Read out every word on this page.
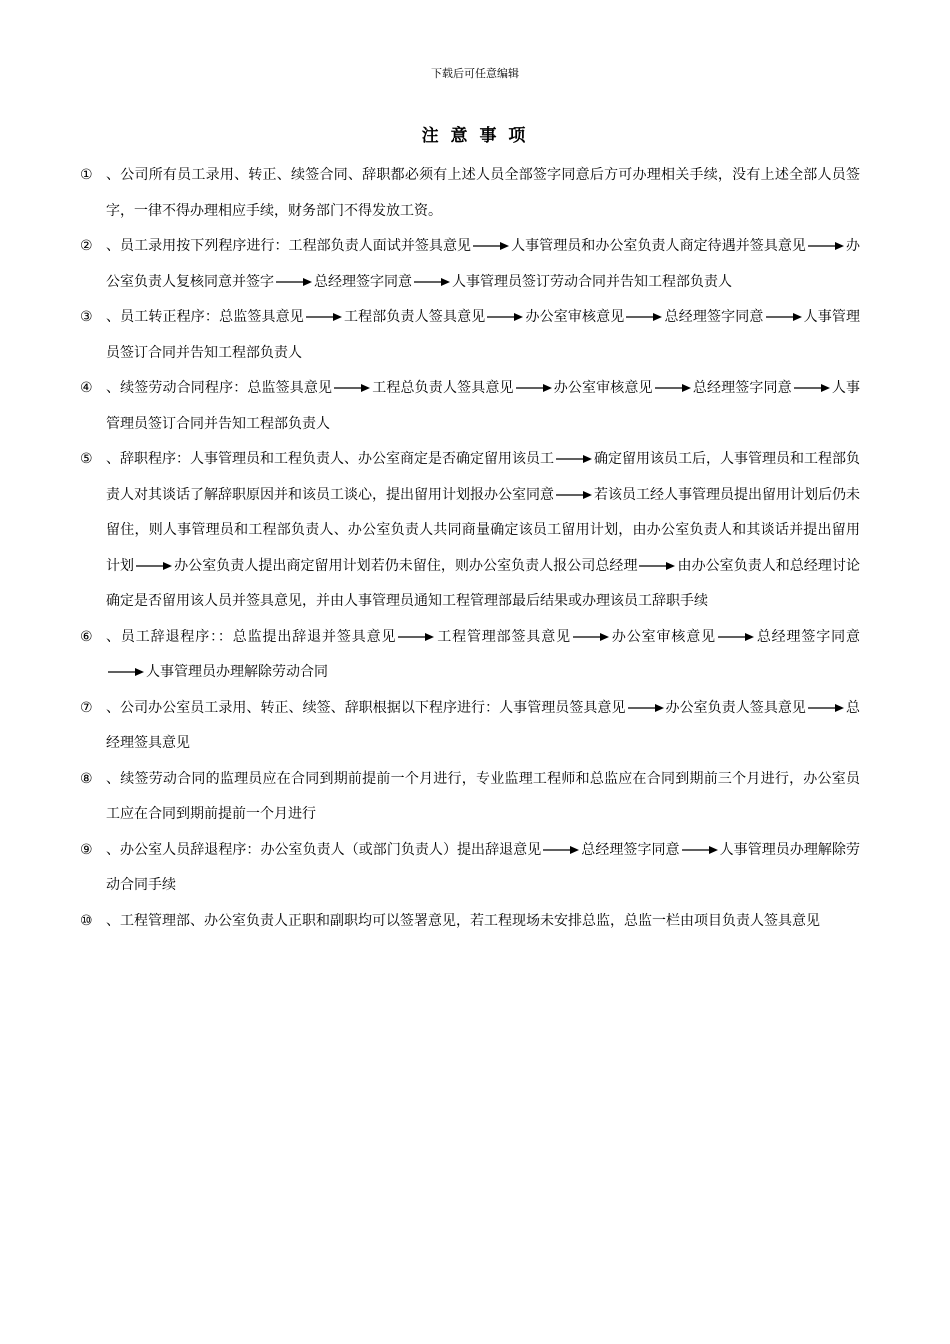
下载后可任意编辑
注 意 事 项
① 、公司所有员工录用、转正、续签合同、辞职都必须有上述人员全部签字同意后方可办理相关手续，没有上述全部人员签字，一律不得办理相应手续，财务部门不得发放工资。
② 、员工录用按下列程序进行：工程部负责人面试并签具意见	人事管理员和办公室负责人商定待遇并签具意见	办公室负责人复核同意并签字	总经理签字同意	人事管理员签订劳动合同并告知工程部负责人
③ 、员工转正程序：总监签具意见	工程部负责人签具意见	办公室审核意见	总经理签字同意	人事管理员签订合同并告知工程部负责人
④ 、续签劳动合同程序：总监签具意见	工程总负责人签具意见	办公室审核意见	总经理签字同意	人事管理员签订合同并告知工程部负责人
⑤ 、辞职程序：人事管理员和工程负责人、办公室商定是否确定留用该员工	确定留用该员工后，人事管理员和工程部负责人对其谈话了解辞职原因并和该员工谈心，提出留用计划报办公室同意	若该员工经人事管理员提出留用计划后仍未留住，则人事管理员和工程部负责人、办公室负责人共同商量确定该员工留用计划，由办公室负责人和其谈话并提出留用计划	办公室负责人提出商定留用计划若仍未留住，则办公室负责人报公司总经理	由办公室负责人和总经理讨论确定是否留用该人员并签具意见，并由人事管理员通知工程管理部最后结果或办理该员工辞职手续
⑥ 、员工辞退程序：：总监提出辞退并签具意见	工程管理部签具意见	办公室审核意见	总经理签字同意人事管理员办理解除劳动合同
⑦ 、公司办公室员工录用、转正、续签、辞职根据以下程序进行：人事管理员签具意见	办公室负责人签具意见	总经理签具意见
⑧ 、续签劳动合同的监理员应在合同到期前提前一个月进行，专业监理工程师和总监应在合同到期前三个月进行，办公室员工应在合同到期前提前一个月进行
⑨ 、办公室人员辞退程序：办公室负责人（或部门负责人）提出辞退意见	总经理签字同意	人事管理员办理解除劳动合同手续
⑩ 、工程管理部、办公室负责人正职和副职均可以签署意见，若工程现场未安排总监，总监一栏由项目负责人签具意见
